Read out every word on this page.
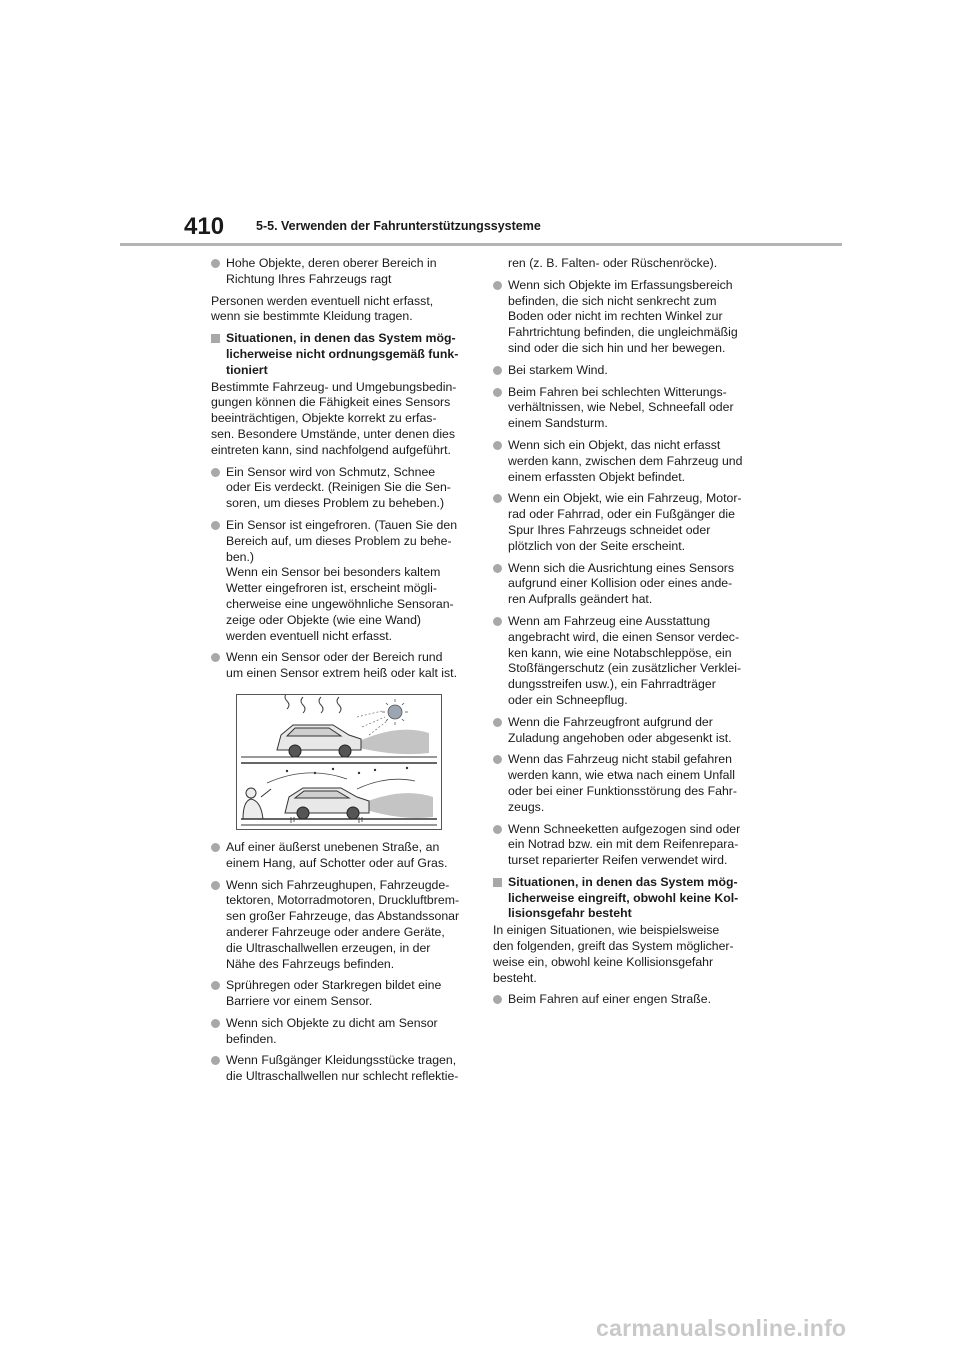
410	5-5. Verwenden der Fahrunterstützungssysteme
Hohe Objekte, deren oberer Bereich in
Richtung Ihres Fahrzeugs ragt
Personen werden eventuell nicht erfasst,
wenn sie bestimmte Kleidung tragen.
Situationen, in denen das System mög-
licherweise nicht ordnungsgemäß funk-
tioniert
Bestimmte Fahrzeug- und Umgebungsbedin-
gungen können die Fähigkeit eines Sensors
beeinträchtigen, Objekte korrekt zu erfas-
sen. Besondere Umstände, unter denen dies
eintreten kann, sind nachfolgend aufgeführt.
Ein Sensor wird von Schmutz, Schnee
oder Eis verdeckt. (Reinigen Sie die Sen-
soren, um dieses Problem zu beheben.)
Ein Sensor ist eingefroren. (Tauen Sie den
Bereich auf, um dieses Problem zu behe-
ben.)
Wenn ein Sensor bei besonders kaltem
Wetter eingefroren ist, erscheint mögli-
cherweise eine ungewöhnliche Sensoran-
zeige oder Objekte (wie eine Wand)
werden eventuell nicht erfasst.
Wenn ein Sensor oder der Bereich rund
um einen Sensor extrem heiß oder kalt ist.
Auf einer äußerst unebenen Straße, an
einem Hang, auf Schotter oder auf Gras.
Wenn sich Fahrzeughupen, Fahrzeugde-
tektoren, Motorradmotoren, Druckluftbrem-
sen großer Fahrzeuge, das Abstandssonar
anderer Fahrzeuge oder andere Geräte,
die Ultraschallwellen erzeugen, in der
Nähe des Fahrzeugs befinden.
Sprühregen oder Starkregen bildet eine
Barriere vor einem Sensor.
Wenn sich Objekte zu dicht am Sensor
befinden.
Wenn Fußgänger Kleidungsstücke tragen,
die Ultraschallwellen nur schlecht reflektie-
ren (z. B. Falten- oder Rüschenröcke).
Wenn sich Objekte im Erfassungsbereich
befinden, die sich nicht senkrecht zum
Boden oder nicht im rechten Winkel zur
Fahrtrichtung befinden, die ungleichmäßig
sind oder die sich hin und her bewegen.
Bei starkem Wind.
Beim Fahren bei schlechten Witterungs-
verhältnissen, wie Nebel, Schneefall oder
einem Sandsturm.
Wenn sich ein Objekt, das nicht erfasst
werden kann, zwischen dem Fahrzeug und
einem erfassten Objekt befindet.
Wenn ein Objekt, wie ein Fahrzeug, Motor-
rad oder Fahrrad, oder ein Fußgänger die
Spur Ihres Fahrzeugs schneidet oder
plötzlich von der Seite erscheint.
Wenn sich die Ausrichtung eines Sensors
aufgrund einer Kollision oder eines ande-
ren Aufpralls geändert hat.
Wenn am Fahrzeug eine Ausstattung
angebracht wird, die einen Sensor verdec-
ken kann, wie eine Notabschleppöse, ein
Stoßfängerschutz (ein zusätzlicher Verklei-
dungsstreifen usw.), ein Fahrradträger
oder ein Schneepflug.
Wenn die Fahrzeugfront aufgrund der
Zuladung angehoben oder abgesenkt ist.
Wenn das Fahrzeug nicht stabil gefahren
werden kann, wie etwa nach einem Unfall
oder bei einer Funktionsstörung des Fahr-
zeugs.
Wenn Schneeketten aufgezogen sind oder
ein Notrad bzw. ein mit dem Reifenrepara-
turset reparierter Reifen verwendet wird.
Situationen, in denen das System mög-
licherweise eingreift, obwohl keine Kol-
lisionsgefahr besteht
In einigen Situationen, wie beispielsweise
den folgenden, greift das System möglicher-
weise ein, obwohl keine Kollisionsgefahr
besteht.
Beim Fahren auf einer engen Straße.
carmanualsonline.info
